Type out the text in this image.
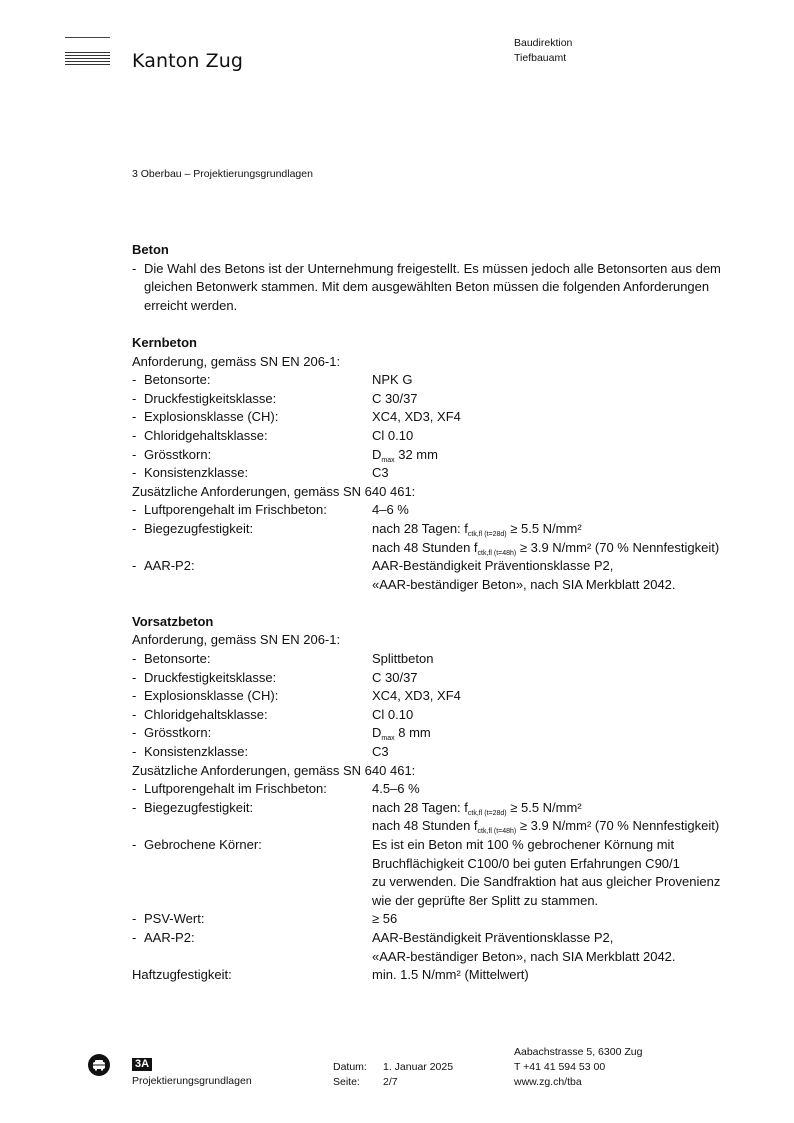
Kanton Zug
Baudirektion
Tiefbauamt
3 Oberbau – Projektierungsgrundlagen
Beton
- Die Wahl des Betons ist der Unternehmung freigestellt. Es müssen jedoch alle Betonsorten aus dem gleichen Betonwerk stammen. Mit dem ausgewählten Beton müssen die folgenden Anforderungen erreicht werden.
Kernbeton
Anforderung, gemäss SN EN 206-1:
- Betonsorte:	NPK G
- Druckfestigkeitsklasse:	C 30/37
- Explosionsklasse (CH):	XC4, XD3, XF4
- Chloridgehaltsklasse:	Cl 0.10
- Grösstkorn:	$D_{max}$ 32 mm
- Konsistenzklasse:	C3
Zusätzliche Anforderungen, gemäss SN 640 461:
- Luftporengehalt im Frischbeton:	4–6 %
- Biegezugfestigkeit:	nach 28 Tagen: $f_{ctk,fl (t=28d)} \ge 5.5$ N/mm²
nach 48 Stunden $f_{ctk,fl (t=48h)} \ge 3.9$ N/mm² (70 % Nennfestigkeit)
- AAR-P2:	AAR-Beständigkeit Präventionsklasse P2,
«AAR-beständiger Beton», nach SIA Merkblatt 2042.
Vorsatzbeton
Anforderung, gemäss SN EN 206-1:
- Betonsorte:	Splittbeton
- Druckfestigkeitsklasse:	C 30/37
- Explosionsklasse (CH):	XC4, XD3, XF4
- Chloridgehaltsklasse:	Cl 0.10
- Grösstkorn:	$D_{max}$ 8 mm
- Konsistenzklasse:	C3
Zusätzliche Anforderungen, gemäss SN 640 461:
- Luftporengehalt im Frischbeton:	4.5–6 %
- Biegezugfestigkeit:	nach 28 Tagen: $f_{ctk,fl (t=28d)} \ge 5.5$ N/mm²
nach 48 Stunden $f_{ctk,fl (t=48h)} \ge 3.9$ N/mm² (70 % Nennfestigkeit)
- Gebrochene Körner:	Es ist ein Beton mit 100 % gebrochener Körnung mit
Bruchflächigkeit C100/0 bei guten Erfahrungen C90/1
zu verwenden. Die Sandfraktion hat aus gleicher Provenienz
wie der geprüfte 8er Splitt zu stammen.
- PSV-Wert:	≥ 56
- AAR-P2:	AAR-Beständigkeit Präventionsklasse P2,
«AAR-beständiger Beton», nach SIA Merkblatt 2042.
Haftzugfestigkeit:	min. 1.5 N/mm² (Mittelwert)
3A
Projektierungsgrundlagen
Datum:	1. Januar 2025
Seite:	2/7
Aabachstrasse 5, 6300 Zug
T +41 41 594 53 00
www.zg.ch/tba
